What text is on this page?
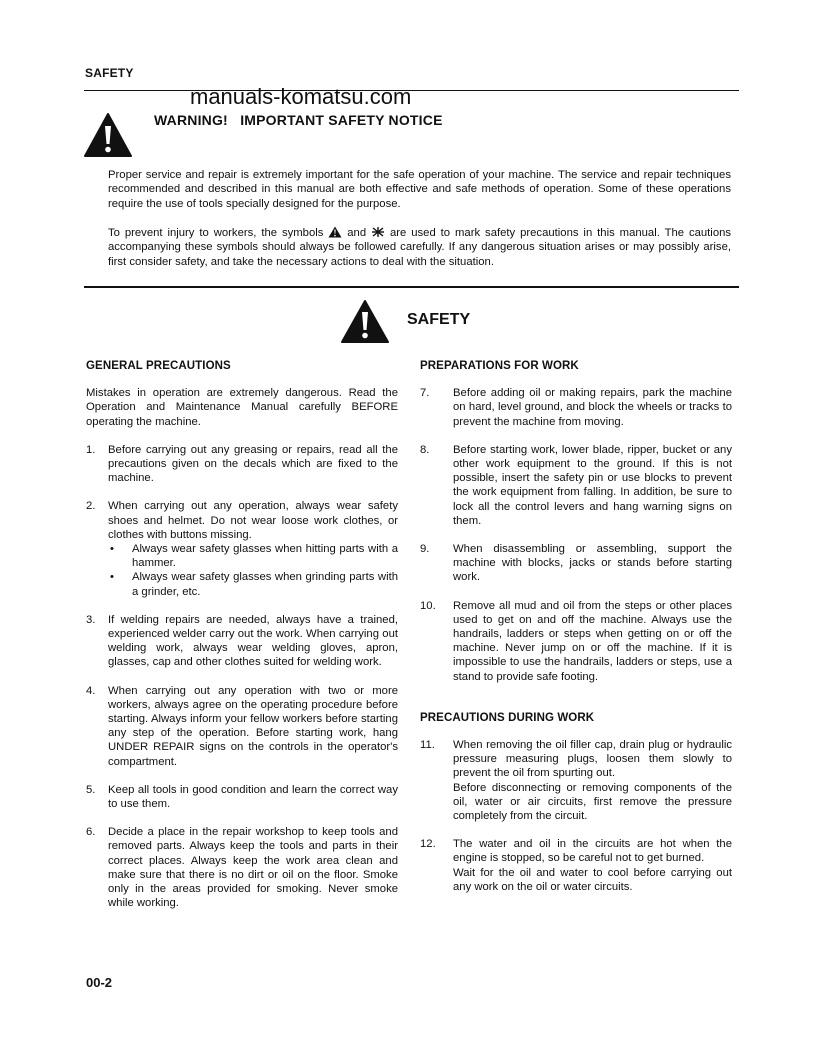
SAFETY
manuals-komatsu.com
WARNING!   IMPORTANT SAFETY NOTICE
Proper service and repair is extremely important for the safe operation of your machine. The service and repair techniques recommended and described in this manual are both effective and safe methods of operation. Some of these operations require the use of tools specially designed for the purpose.
To prevent injury to workers, the symbols and are used to mark safety precautions in this manual. The cautions accompanying these symbols should always be followed carefully. If any dangerous situation arises or may possibly arise, first consider safety, and take the necessary actions to deal with the situation.
SAFETY
GENERAL PRECAUTIONS
Mistakes in operation are extremely dangerous. Read the Operation and Maintenance Manual carefully BEFORE operating the machine.
1.	Before carrying out any greasing or repairs, read all the precautions given on the decals which are fixed to the machine.
2.	When carrying out any operation, always wear safety shoes and helmet. Do not wear loose work clothes, or clothes with buttons missing.
•	Always wear safety glasses when hitting parts with a hammer.
•	Always wear safety glasses when grinding parts with a grinder, etc.
3.	If welding repairs are needed, always have a trained, experienced welder carry out the work. When carrying out welding work, always wear welding gloves, apron, glasses, cap and other clothes suited for welding work.
4.	When carrying out any operation with two or more workers, always agree on the operating procedure before starting. Always inform your fellow workers before starting any step of the operation. Before starting work, hang UNDER REPAIR signs on the controls in the operator's compartment.
5.	Keep all tools in good condition and learn the correct way to use them.
6.	Decide a place in the repair workshop to keep tools and removed parts. Always keep the tools and parts in their correct places. Always keep the work area clean and make sure that there is no dirt or oil on the floor. Smoke only in the areas provided for smoking. Never smoke while working.
PREPARATIONS FOR WORK
7.	Before adding oil or making repairs, park the machine on hard, level ground, and block the wheels or tracks to prevent the machine from moving.
8.	Before starting work, lower blade, ripper, bucket or any other work equipment to the ground. If this is not possible, insert the safety pin or use blocks to prevent the work equipment from falling. In addition, be sure to lock all the control levers and hang warning signs on them.
9.	When disassembling or assembling, support the machine with blocks, jacks or stands before starting work.
10.	Remove all mud and oil from the steps or other places used to get on and off the machine. Always use the handrails, ladders or steps when getting on or off the machine. Never jump on or off the machine. If it is impossible to use the handrails, ladders or steps, use a stand to provide safe footing.
PRECAUTIONS DURING WORK
11.	When removing the oil filler cap, drain plug or hydraulic pressure measuring plugs, loosen them slowly to prevent the oil from spurting out.
Before disconnecting or removing components of the oil, water or air circuits, first remove the pressure completely from the circuit.
12.	The water and oil in the circuits are hot when the engine is stopped, so be careful not to get burned.
Wait for the oil and water to cool before carrying out any work on the oil or water circuits.
00-2
